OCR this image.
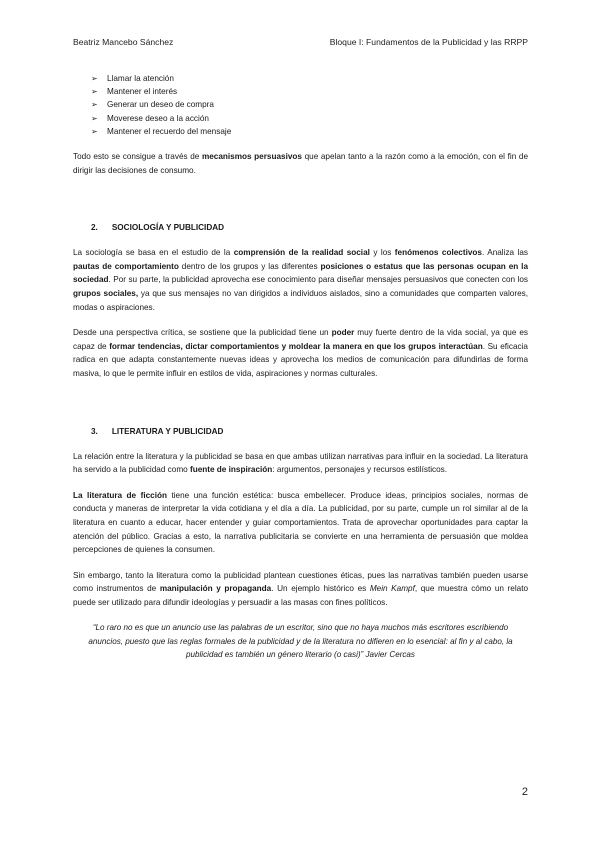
Beatriz Mancebo Sánchez	Bloque I: Fundamentos de la Publicidad y las RRPP
➢ Llamar la atención
➢ Mantener el interés
➢ Generar un deseo de compra
➢ Moverese deseo a la acción
➢ Mantener el recuerdo del mensaje

Todo esto se consigue a través de mecanismos persuasivos que apelan tanto a la razón como a la emoción, con el fin de dirigir las decisiones de consumo.

2. SOCIOLOGÍA Y PUBLICIDAD

La sociología se basa en el estudio de la comprensión de la realidad social y los fenómenos colectivos. Analiza las pautas de comportamiento dentro de los grupos y las diferentes posiciones o estatus que las personas ocupan en la sociedad. Por su parte, la publicidad aprovecha ese conocimiento para diseñar mensajes persuasivos que conecten con los grupos sociales, ya que sus mensajes no van dirigidos a individuos aislados, sino a comunidades que comparten valores, modas o aspiraciones.

Desde una perspectiva crítica, se sostiene que la publicidad tiene un poder muy fuerte dentro de la vida social, ya que es capaz de formar tendencias, dictar comportamientos y moldear la manera en que los grupos interactúan. Su eficacia radica en que adapta constantemente nuevas ideas y aprovecha los medios de comunicación para difundirlas de forma masiva, lo que le permite influir en estilos de vida, aspiraciones y normas culturales.

3. LITERATURA Y PUBLICIDAD

La relación entre la literatura y la publicidad se basa en que ambas utilizan narrativas para influir en la sociedad. La literatura ha servido a la publicidad como fuente de inspiración: argumentos, personajes y recursos estilísticos.

La literatura de ficción tiene una función estética: busca embellecer. Produce ideas, principios sociales, normas de conducta y maneras de interpretar la vida cotidiana y el día a día. La publicidad, por su parte, cumple un rol similar al de la literatura en cuanto a educar, hacer entender y guiar comportamientos. Trata de aprovechar oportunidades para captar la atención del público. Gracias a esto, la narrativa publicitaria se convierte en una herramienta de persuasión que moldea percepciones de quienes la consumen.

Sin embargo, tanto la literatura como la publicidad plantean cuestiones éticas, pues las narrativas también pueden usarse como instrumentos de manipulación y propaganda. Un ejemplo histórico es Mein Kampf, que muestra cómo un relato puede ser utilizado para difundir ideologías y persuadir a las masas con fines políticos.

“Lo raro no es que un anuncio use las palabras de un escritor, sino que no haya muchos más escritores escribiendo anuncios, puesto que las reglas formales de la publicidad y de la literatura no difieren en lo esencial: al fin y al cabo, la publicidad es también un género literario (o casi)” Javier Cercas

2
